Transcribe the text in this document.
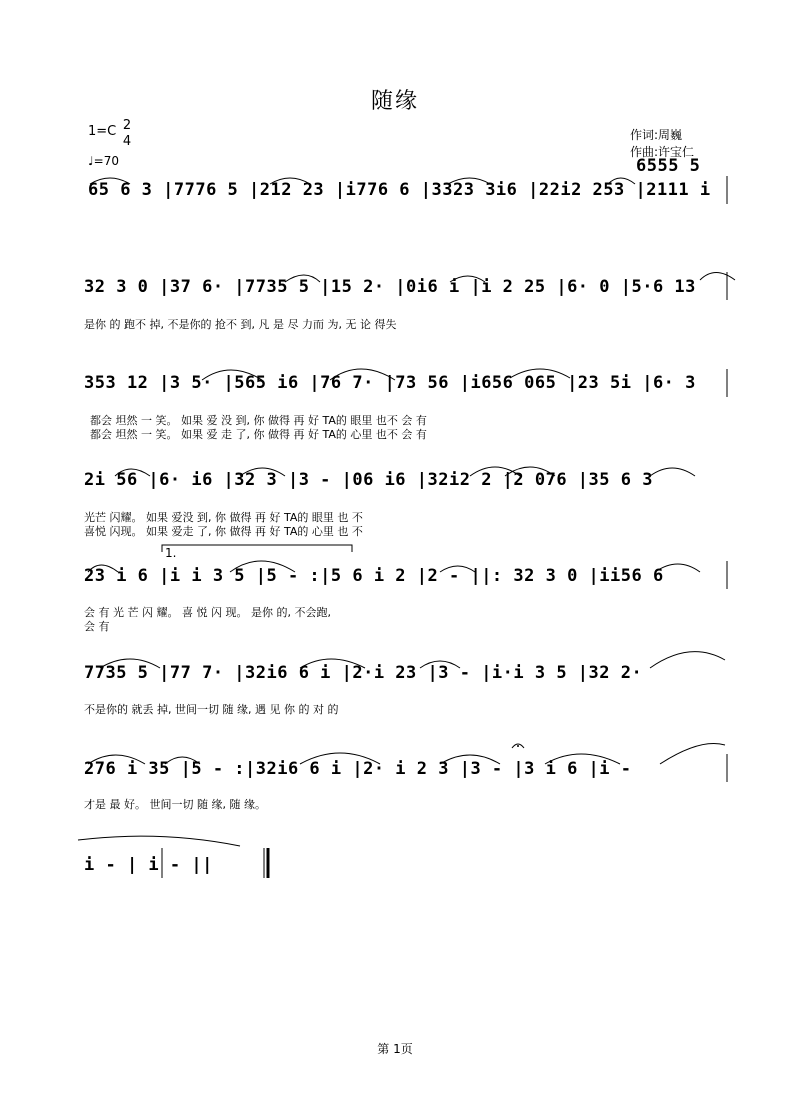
随缘
1=C 2
4
♩=70
作词:周巍
作曲:许宝仁
65 6 3 |7776 5 |212 23 |i776 6 |3323 3i6 |22i2 253 |2111 i
6555 5
32 3 0 |37 6· |7735 5 |15 2· |0i6 i |i 2 25 |6· 0 |5·6 13
是你 的 跑不 掉, 不是你的 抢不 到, 凡 是 尽 力而 为, 无 论 得失
353 12 |3 5· |565 i6 |76 7· |73 56 |i656 065 |23 5i |6· 3
都会 坦然 一 笑。 如果 爱 没 到, 你 做得 再 好 TA的 眼里 也不 会 有
都会 坦然 一 笑。 如果 爱 走 了, 你 做得 再 好 TA的 心里 也不 会 有
2i 56 |6· i6 |32 3 |3 - |06 i6 |32i2 2 |2 076 |35 6 3
光芒 闪耀。 如果 爱没 到, 你 做得 再 好 TA的 眼里 也 不
喜悦 闪现。 如果 爱走 了, 你 做得 再 好 TA的 心里 也 不
23 i 6 |i i 3 5 |5 - :|5 6 i 2 |2 - ||: 32 3 0 |ii56 6
会 有 光 芒 闪 耀。 喜 悦 闪 现。 是你 的, 不会跑,
会 有
7735 5 |77 7· |32i6 6 i |2·i 23 |3 - |i·i 3 5 |32 2·
不是你的 就丢 掉, 世间一切 随 缘, 遇 见 你 的 对 的
276 i 35 |5 - :|32i6 6 i |2· i 2 3 |3 - |3 i 6 |i -
才是 最 好。 世间一切 随 缘, 随 缘。
i - | i - ||
1.
第 1页
